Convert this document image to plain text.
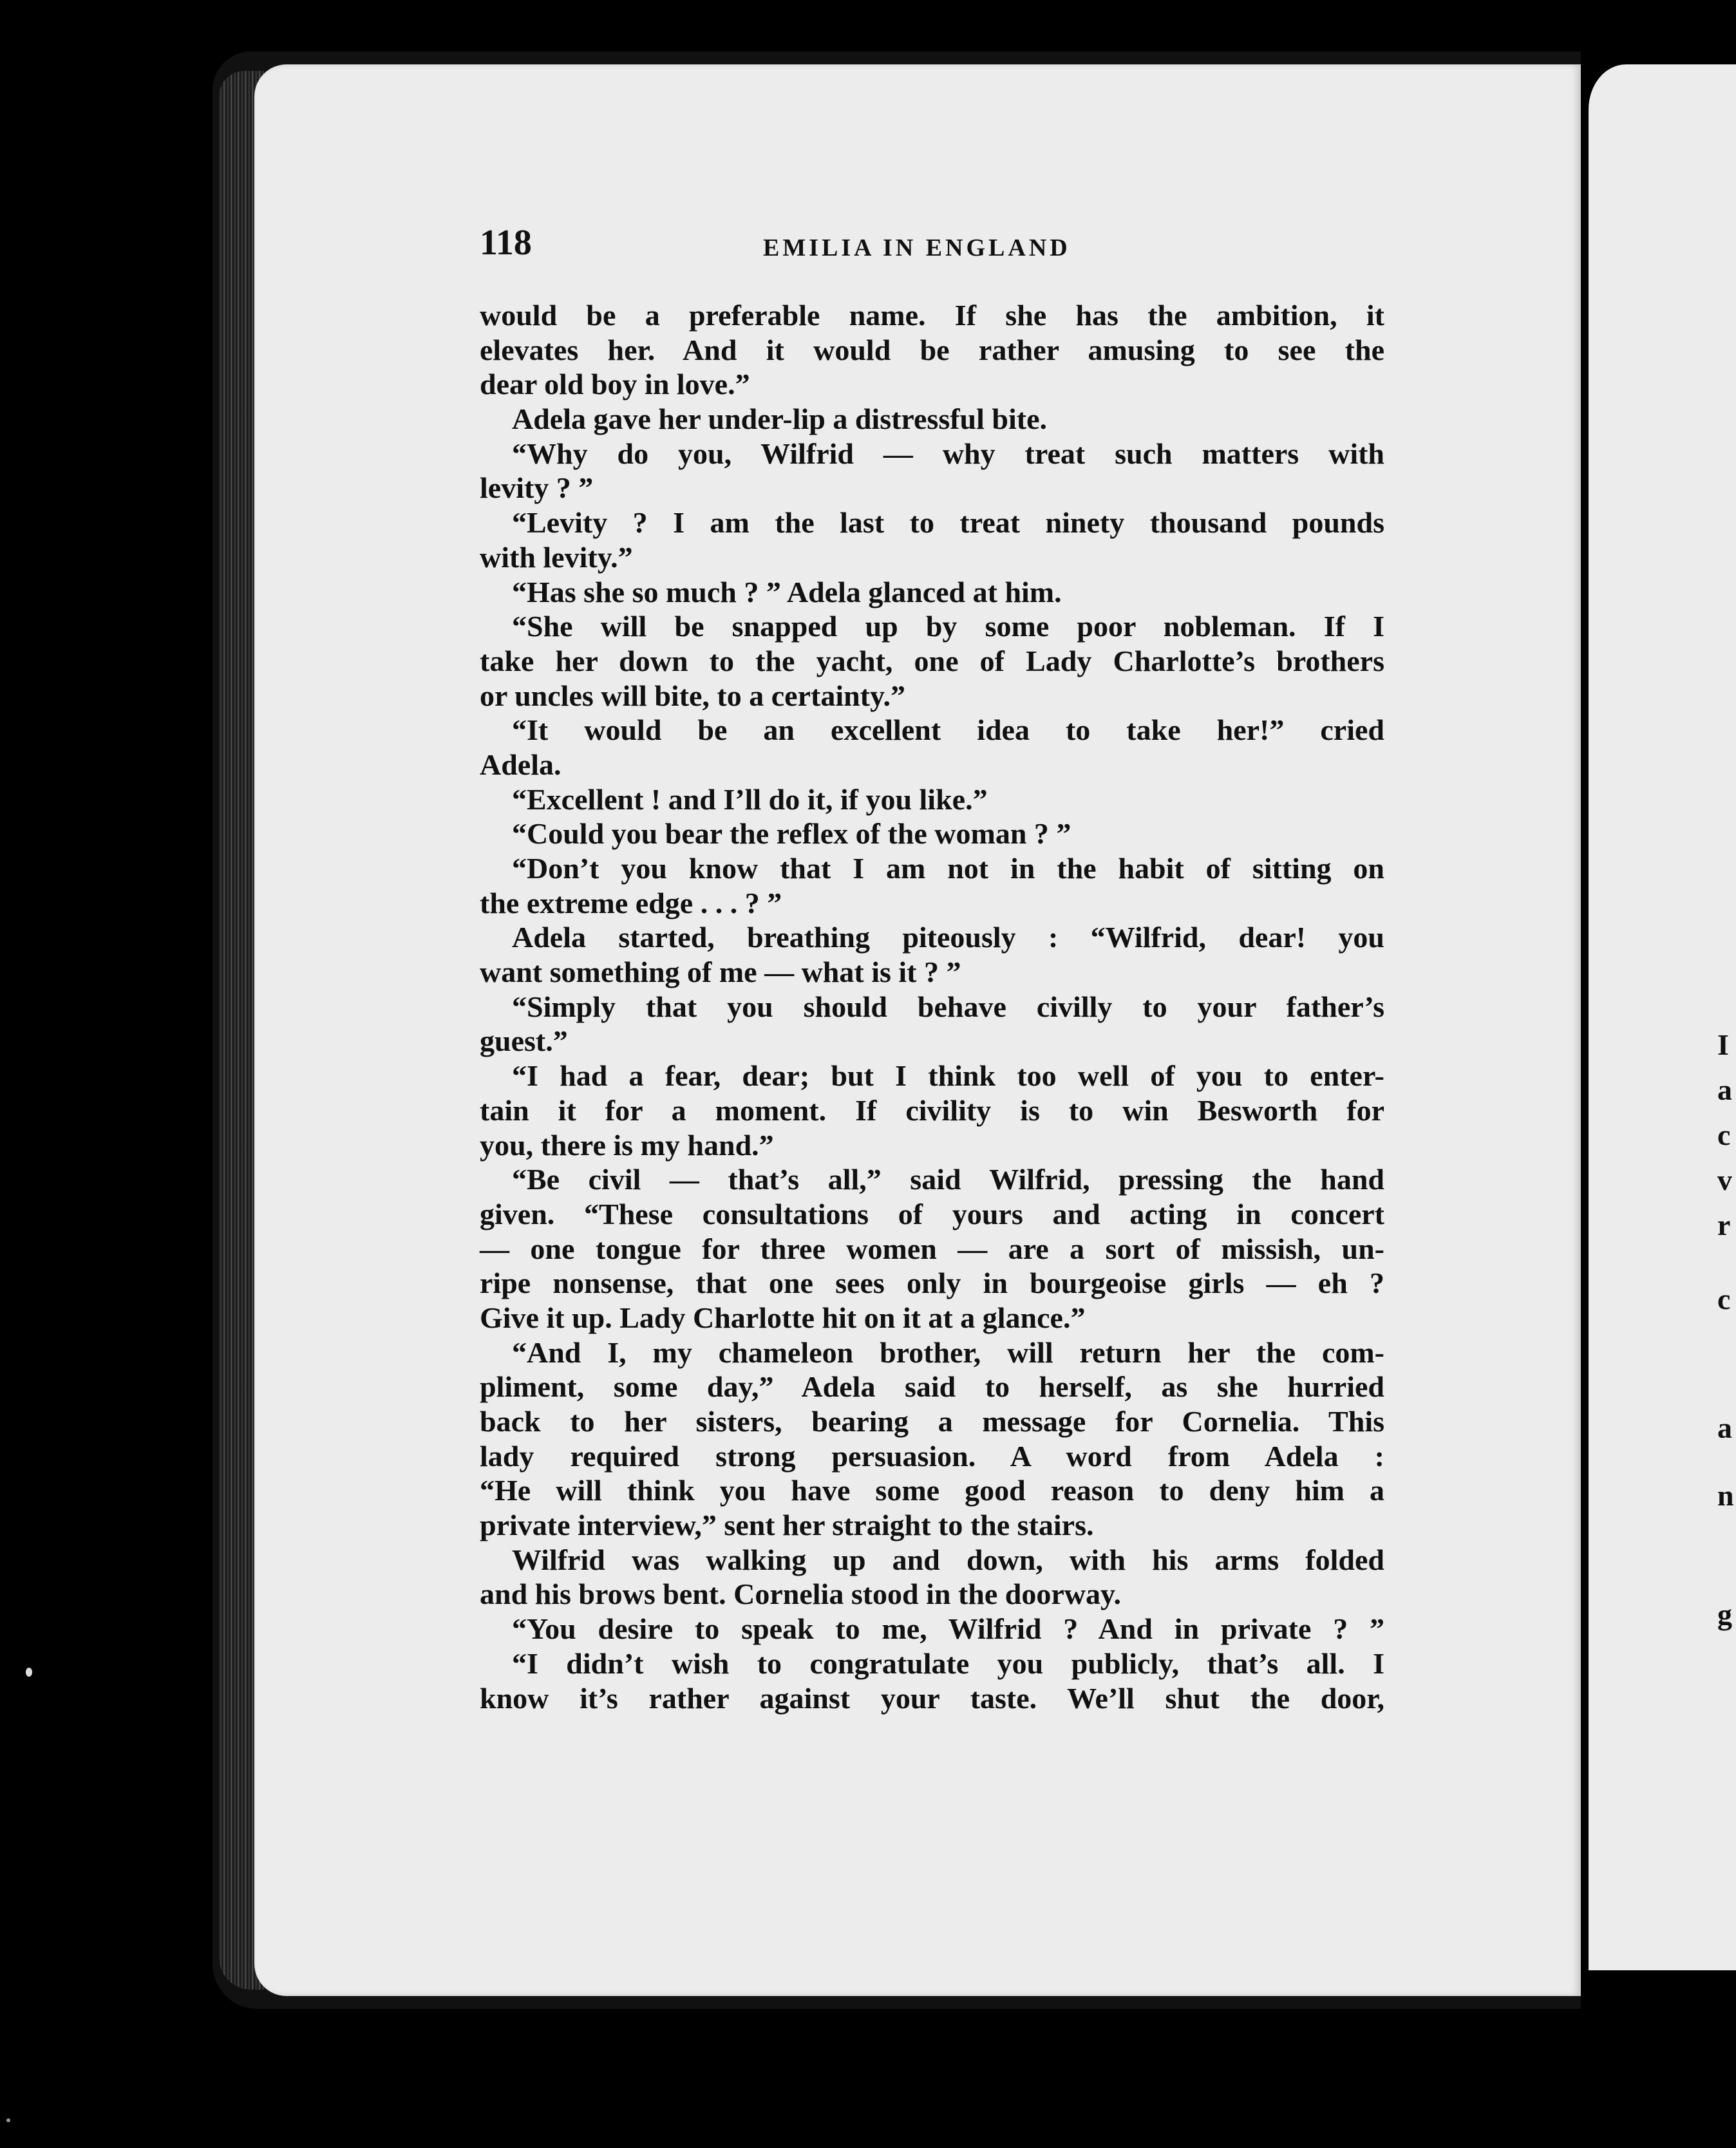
I
a
c
v
r
c
a
n
g
118	EMILIA IN ENGLAND
would be a preferable name. If she has the ambition, it
elevates her. And it would be rather amusing to see the
dear old boy in love.”
Adela gave her under-lip a distressful bite.
“Why do you, Wilfrid — why treat such matters with
levity ? ”
“Levity ? I am the last to treat ninety thousand pounds
with levity.”
“Has she so much ? ” Adela glanced at him.
“She will be snapped up by some poor nobleman. If I
take her down to the yacht, one of Lady Charlotte’s brothers
or uncles will bite, to a certainty.”
“It would be an excellent idea to take her!” cried
Adela.
“Excellent ! and I’ll do it, if you like.”
“Could you bear the reflex of the woman ? ”
“Don’t you know that I am not in the habit of sitting on
the extreme edge . . . ? ”
Adela started, breathing piteously : “Wilfrid, dear! you
want something of me — what is it ? ”
“Simply that you should behave civilly to your father’s
guest.”
“I had a fear, dear; but I think too well of you to enter-
tain it for a moment. If civility is to win Besworth for
you, there is my hand.”
“Be civil — that’s all,” said Wilfrid, pressing the hand
given. “These consultations of yours and acting in concert
— one tongue for three women — are a sort of missish, un-
ripe nonsense, that one sees only in bourgeoise girls — eh ?
Give it up. Lady Charlotte hit on it at a glance.”
“And I, my chameleon brother, will return her the com-
pliment, some day,” Adela said to herself, as she hurried
back to her sisters, bearing a message for Cornelia. This
lady required strong persuasion. A word from Adela :
“He will think you have some good reason to deny him a
private interview,” sent her straight to the stairs.
Wilfrid was walking up and down, with his arms folded
and his brows bent. Cornelia stood in the doorway.
“You desire to speak to me, Wilfrid ? And in private ? ”
“I didn’t wish to congratulate you publicly, that’s all. I
know it’s rather against your taste. We’ll shut the door,
